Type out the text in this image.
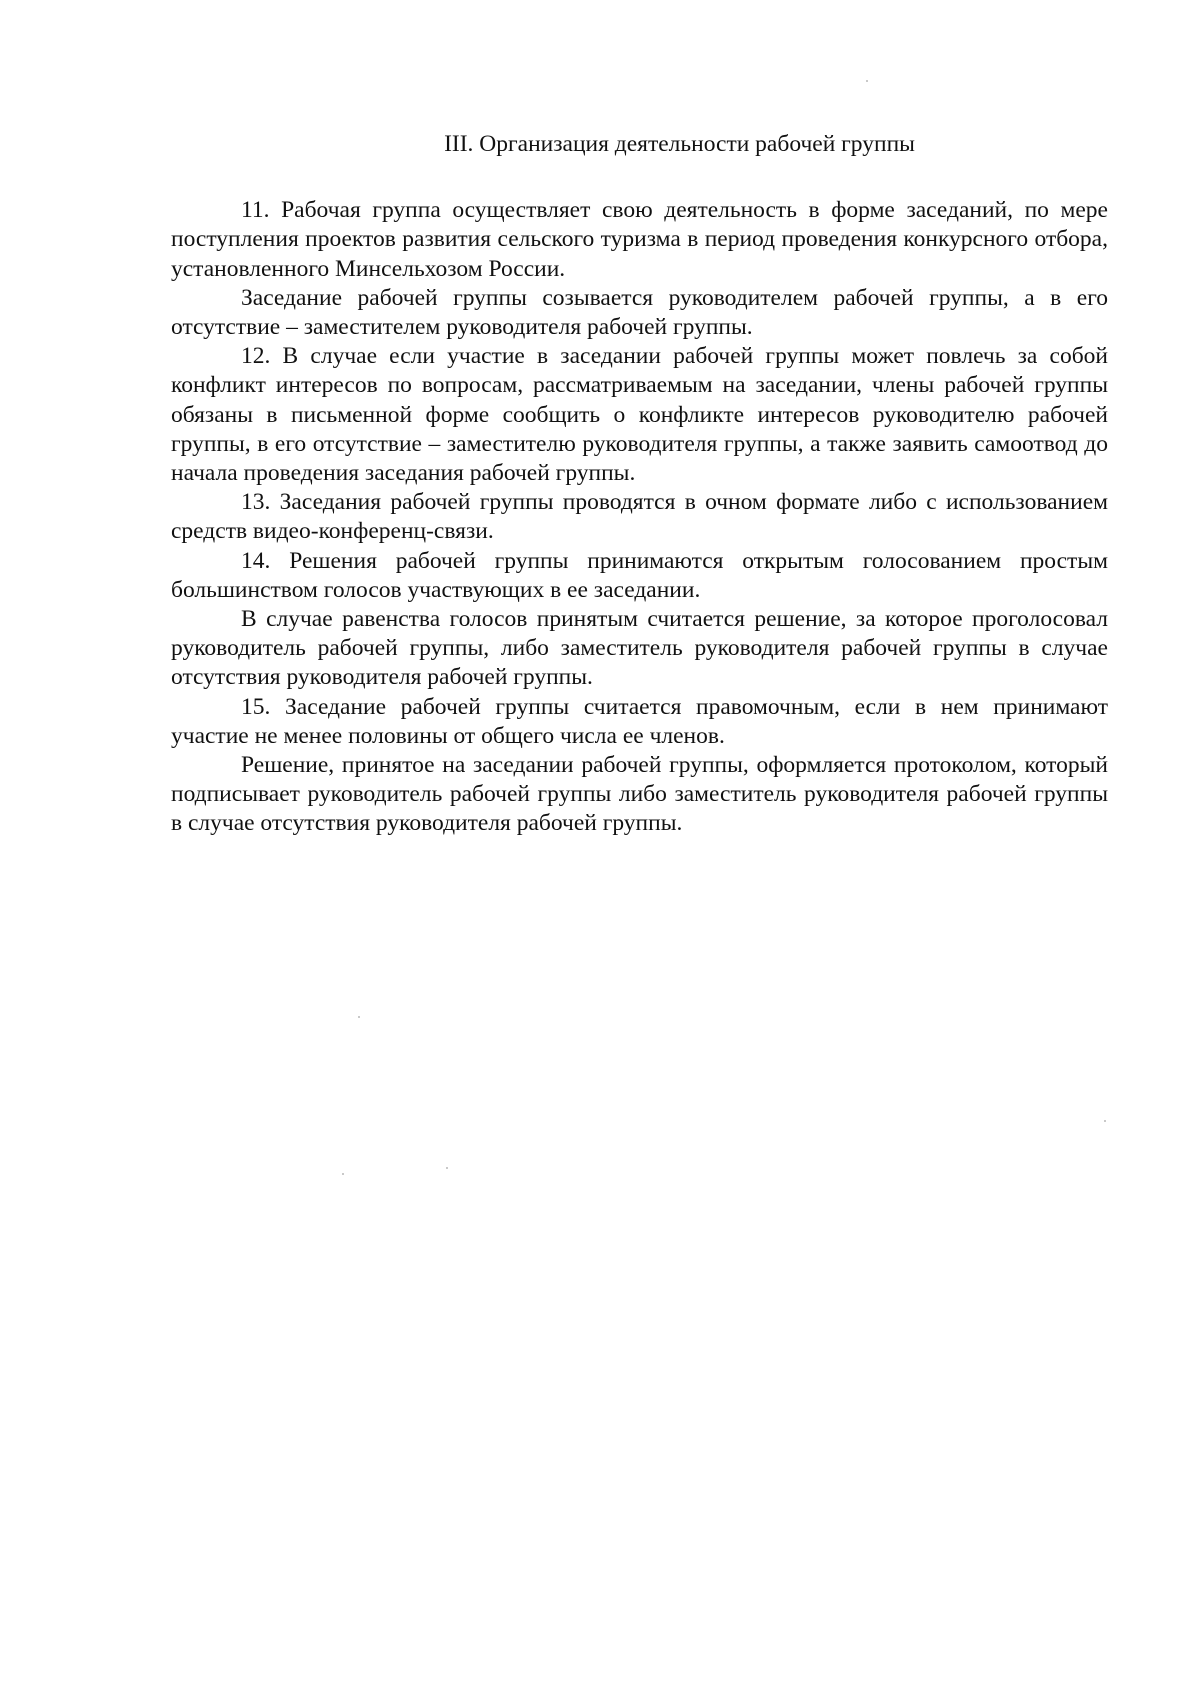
III. Организация деятельности рабочей группы

11. Рабочая группа осуществляет свою деятельность в форме заседаний, по мере поступления проектов развития сельского туризма в период проведения конкурсного отбора, установленного Минсельхозом России.

Заседание рабочей группы созывается руководителем рабочей группы, а в его отсутствие – заместителем руководителя рабочей группы.

12. В случае если участие в заседании рабочей группы может повлечь за собой конфликт интересов по вопросам, рассматриваемым на заседании, члены рабочей группы обязаны в письменной форме сообщить о конфликте интересов руководителю рабочей группы, в его отсутствие – заместителю руководителя группы, а также заявить самоотвод до начала проведения заседания рабочей группы.

13. Заседания рабочей группы проводятся в очном формате либо с использованием средств видео-конференц-связи.

14. Решения рабочей группы принимаются открытым голосованием простым большинством голосов участвующих в ее заседании.

В случае равенства голосов принятым считается решение, за которое проголосовал руководитель рабочей группы, либо заместитель руководителя рабочей группы в случае отсутствия руководителя рабочей группы.

15. Заседание рабочей группы считается правомочным, если в нем принимают участие не менее половины от общего числа ее членов.

Решение, принятое на заседании рабочей группы, оформляется протоколом, который подписывает руководитель рабочей группы либо заместитель руководителя рабочей группы в случае отсутствия руководителя рабочей группы.
